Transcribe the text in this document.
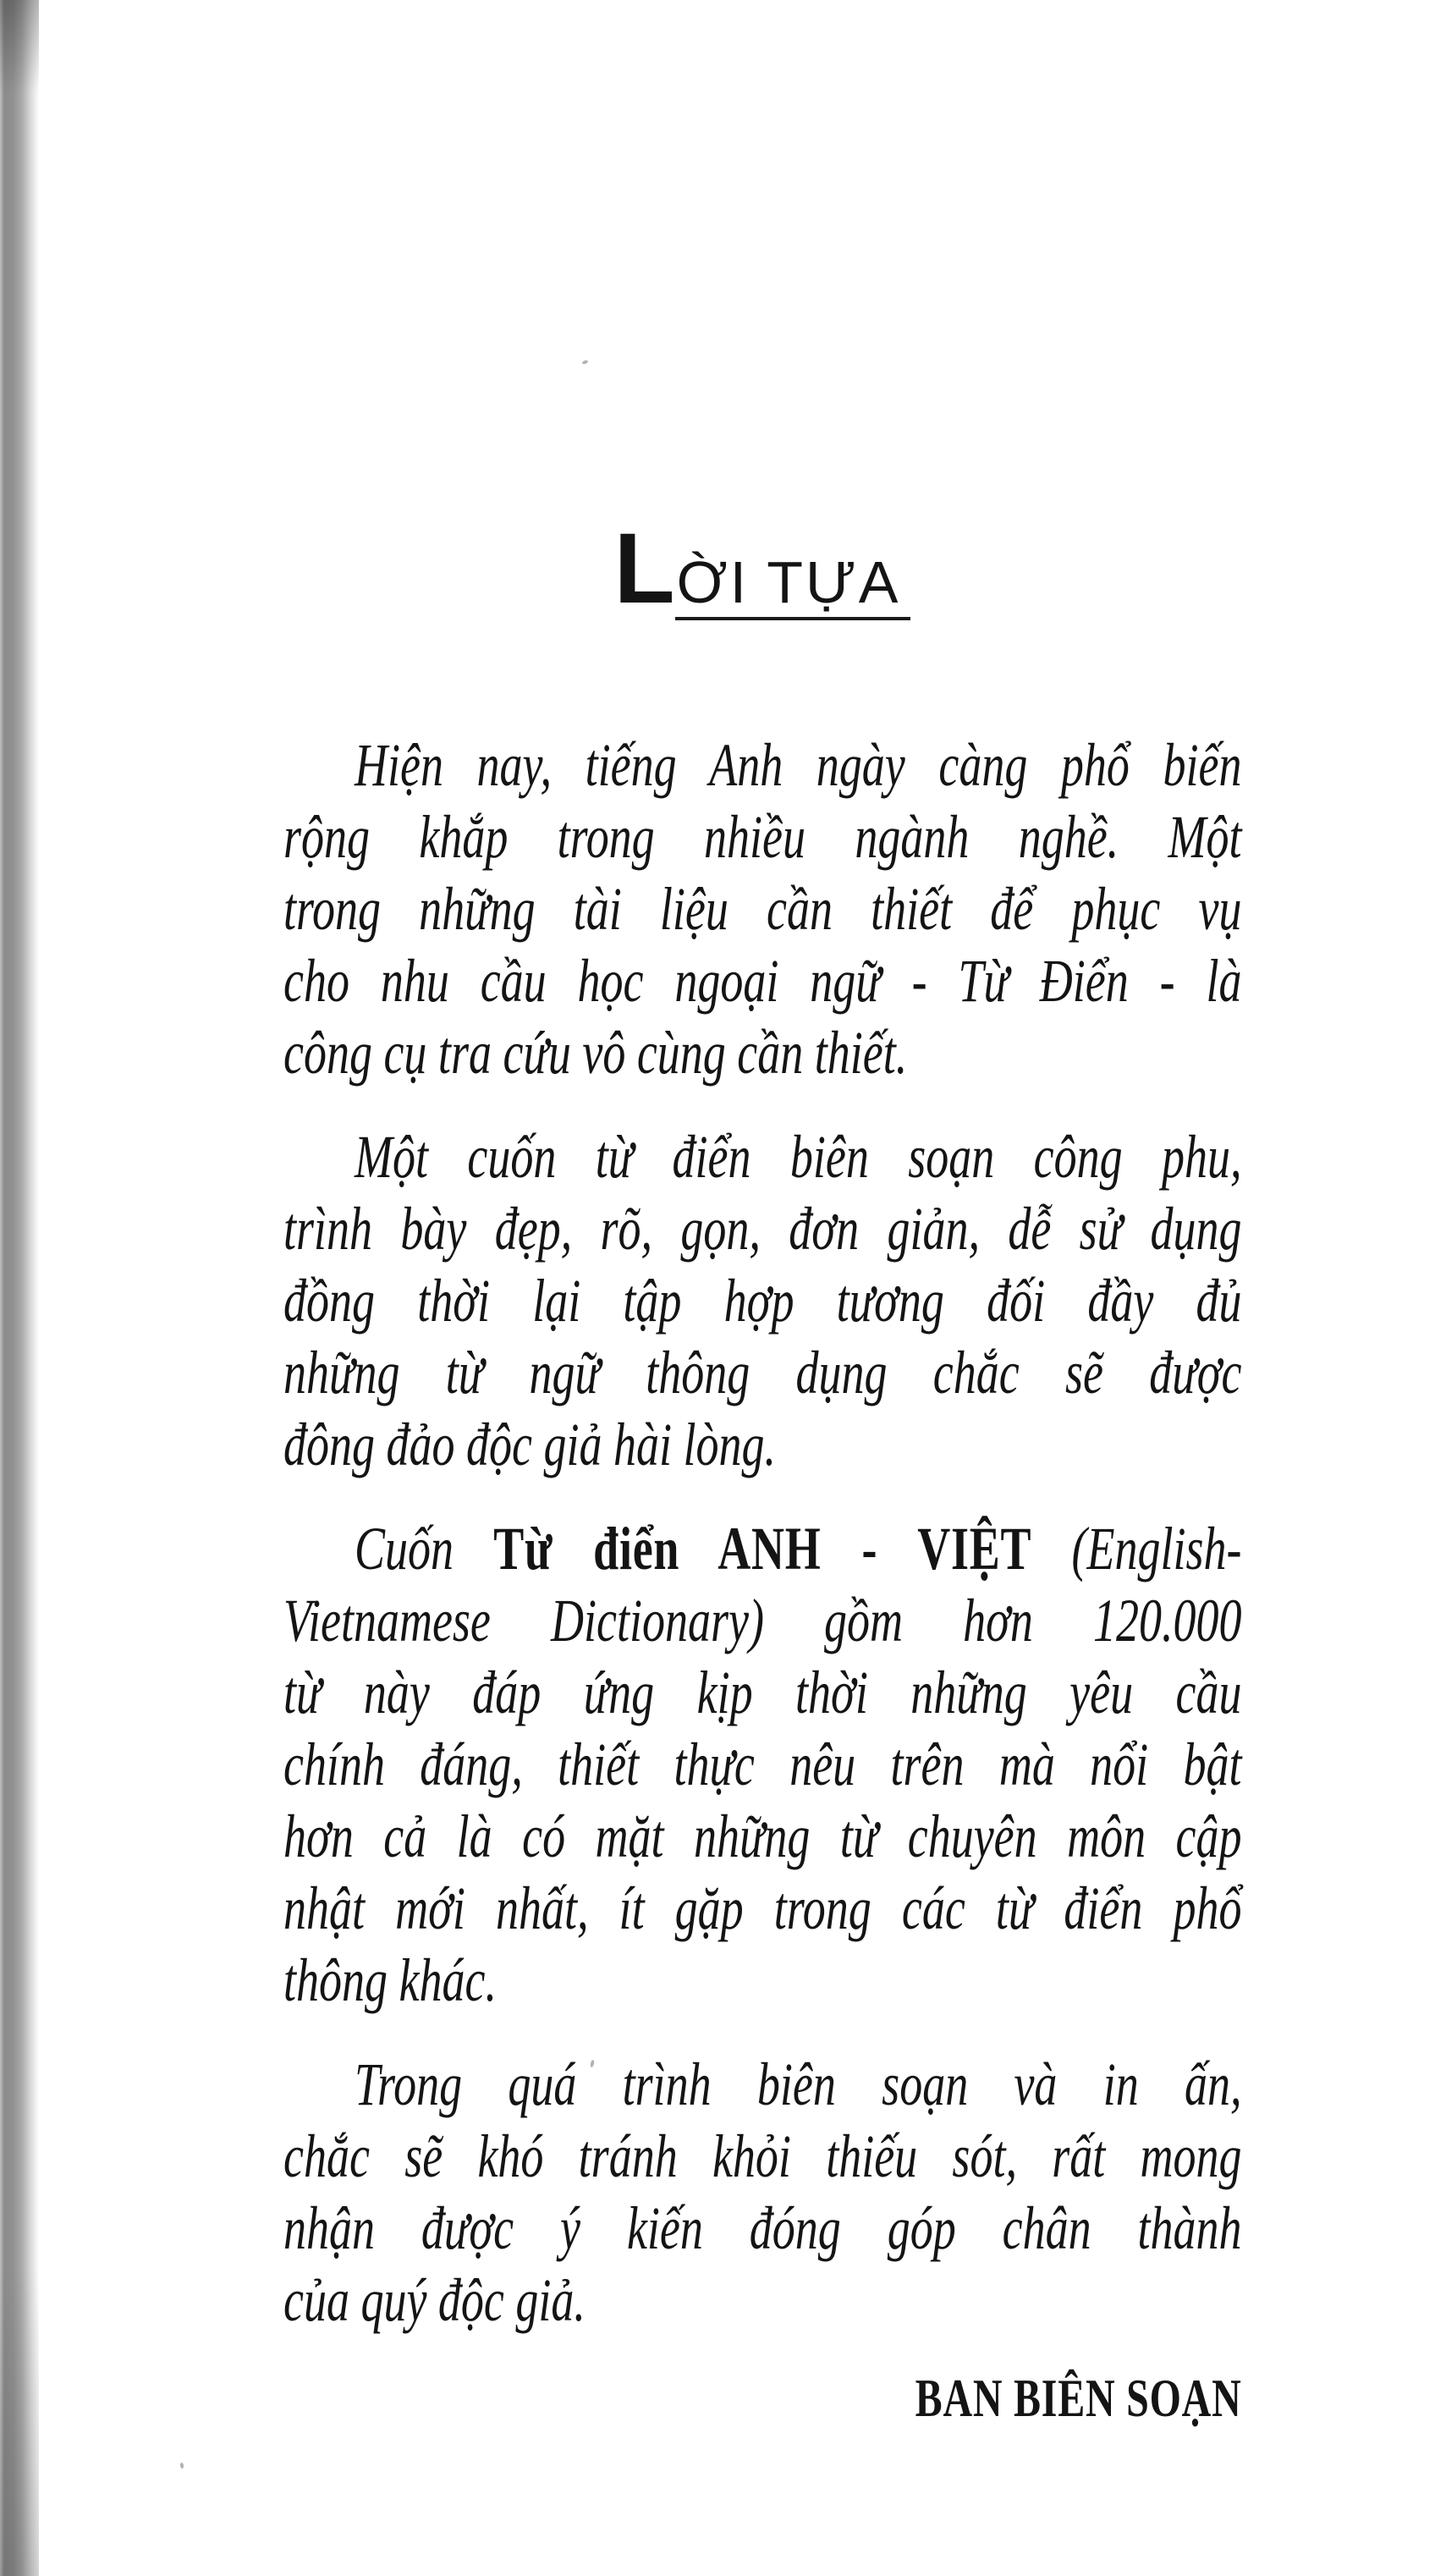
LỜI TỰA
Hiện nay, tiếng Anh ngày càng phổ biến
rộng khắp trong nhiều ngành nghề. Một
trong những tài liệu cần thiết để phục vụ
cho nhu cầu học ngoại ngữ - Từ Điển - là
công cụ tra cứu vô cùng cần thiết.
Một cuốn từ điển biên soạn công phu,
trình bày đẹp, rõ, gọn, đơn giản, dễ sử dụng
đồng thời lại tập hợp tương đối đầy đủ
những từ ngữ thông dụng chắc sẽ được
đông đảo độc giả hài lòng.
Cuốn Từ điển ANH - VIỆT (English-
Vietnamese Dictionary) gồm hơn 120.000
từ này đáp ứng kịp thời những yêu cầu
chính đáng, thiết thực nêu trên mà nổi bật
hơn cả là có mặt những từ chuyên môn cập
nhật mới nhất, ít gặp trong các từ điển phổ
thông khác.
Trong quá trình biên soạn và in ấn,
chắc sẽ khó tránh khỏi thiếu sót, rất mong
nhận được ý kiến đóng góp chân thành
của quý độc giả.
BAN BIÊN SOẠN
